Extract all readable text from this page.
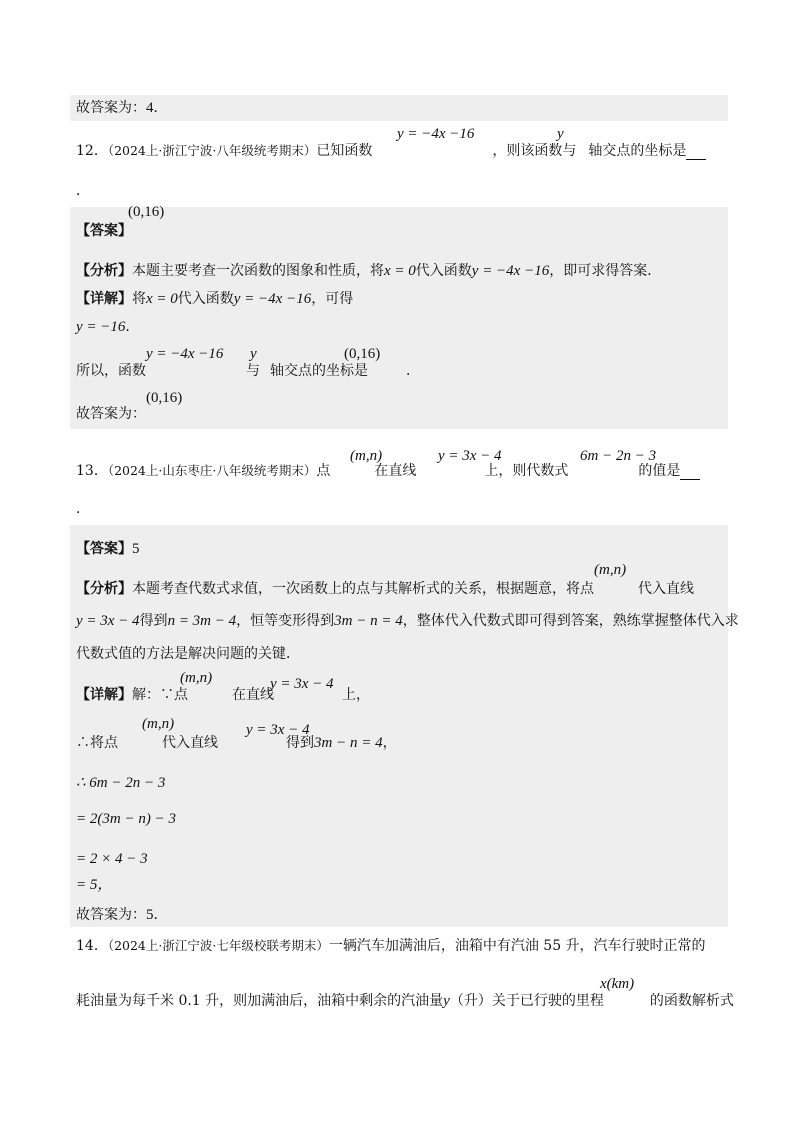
故答案为：4．
12．（2024上·浙江宁波·八年级统考期末）已知函数	，则该函数与 轴交点的坐标是
y = −4x −16	y
．
【答案】
(0,16)
【分析】本题主要考查一次函数的图象和性质，将x = 0代入函数y = −4x −16，即可求得答案．
【详解】将x = 0代入函数y = −4x −16，可得
y = −16．
所以，函数	与 轴交点的坐标是	．
y = −4x −16 y	(0,16)
故答案为：
(0,16)
13．（2024上·山东枣庄·八年级统考期末）点	在直线	上，则代数式	的值是
(m,n)	y = 3x − 4	6m − 2n − 3
．
【答案】5
【分析】本题考查代数式求值，一次函数上的点与其解析式的关系，根据题意，将点	代入直线
(m,n)
y = 3x − 4得到n = 3m − 4，恒等变形得到3m − n = 4，整体代入代数式即可得到答案，熟练掌握整体代入求
代数式值的方法是解决问题的关键．
【详解】解：∵点	在直线	上，
(m,n)	y = 3x − 4
∴将点	代入直线	得到3m − n = 4，
(m,n)	y = 3x − 4
∴ 6m − 2n − 3
= 2(3m − n) − 3
= 2 × 4 − 3
= 5，
故答案为：5．
14．（2024上·浙江宁波·七年级校联考期末）一辆汽车加满油后，油箱中有汽油 55 升，汽车行驶时正常的
耗油量为每千米 0.1 升，则加满油后，油箱中剩余的汽油量y（升）关于已行驶的里程	的函数解析式
x(km)
